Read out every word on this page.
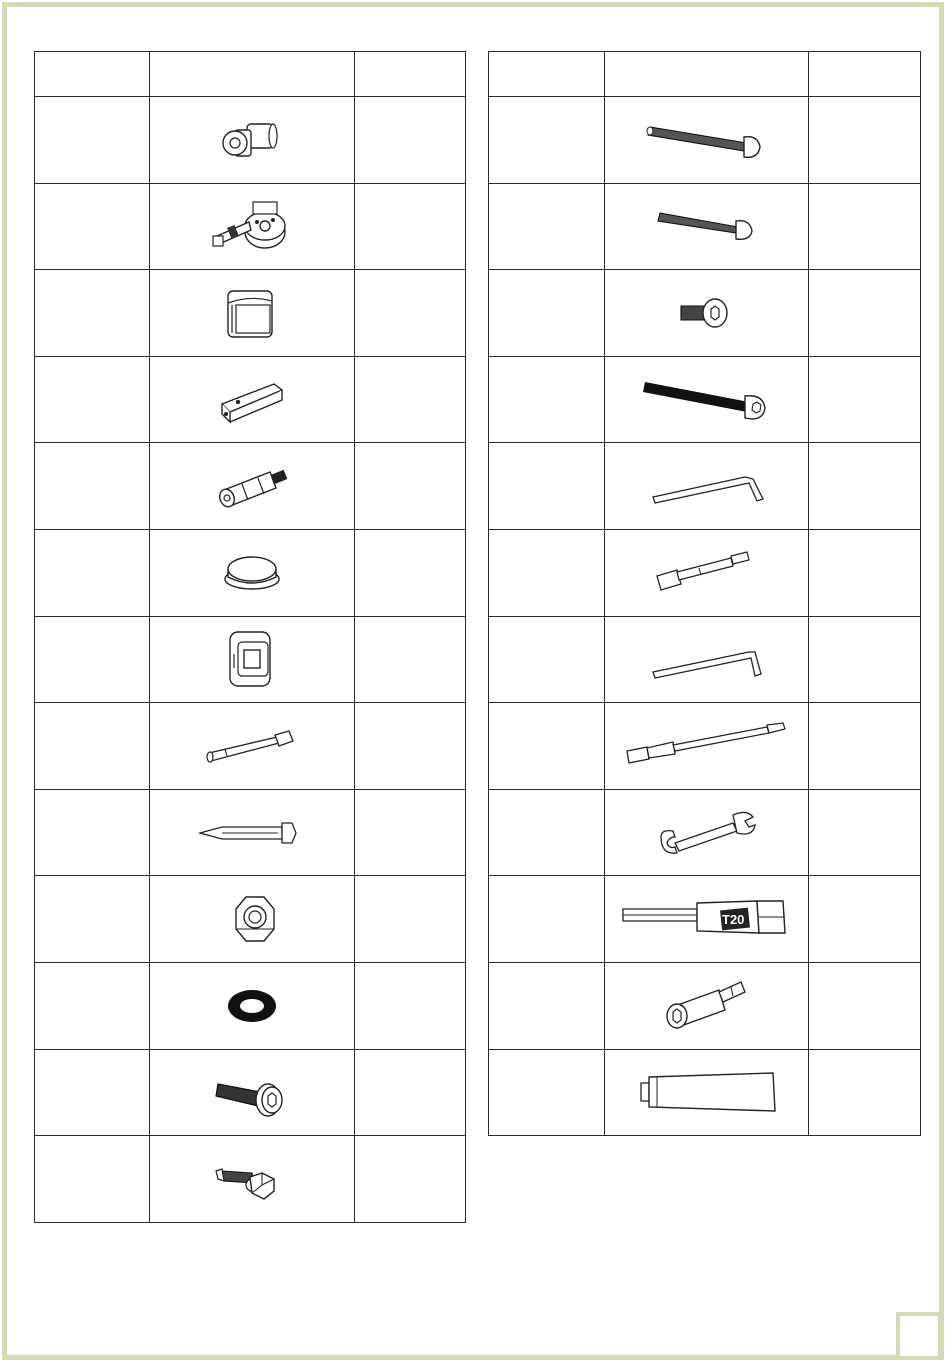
T20	
